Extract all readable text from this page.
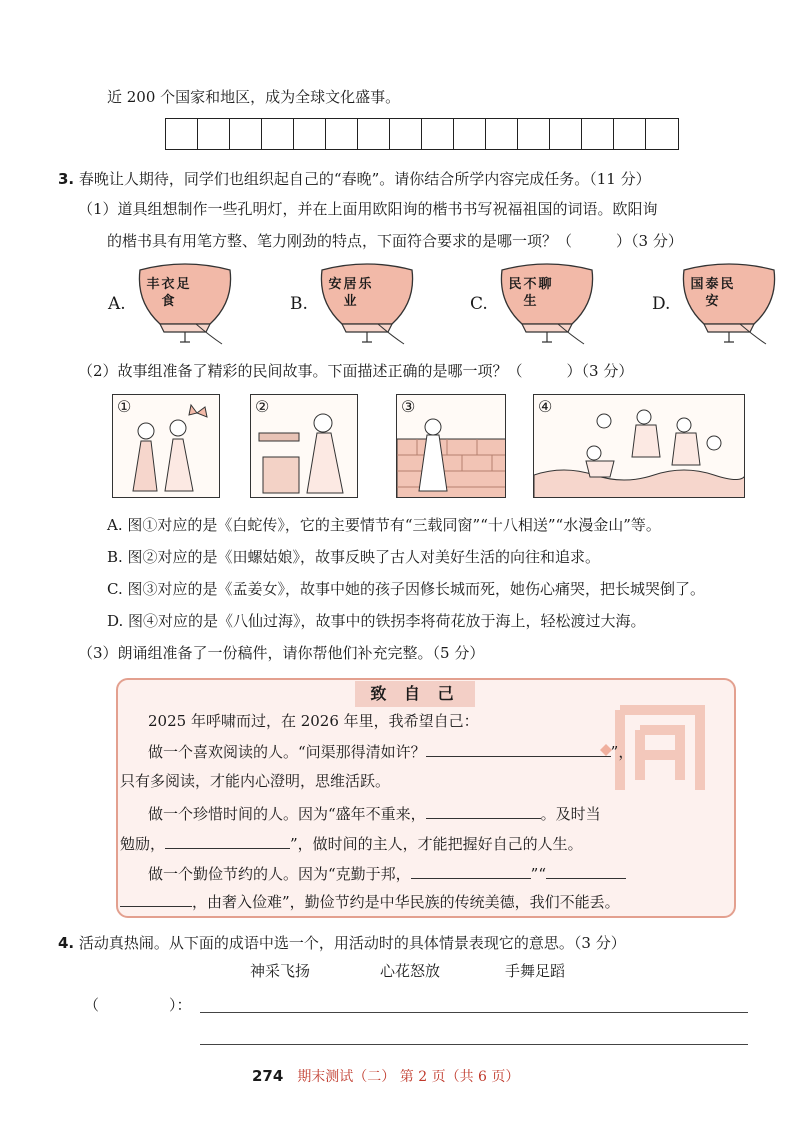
近 200 个国家和地区，成为全球文化盛事。
3. 春晚让人期待，同学们也组织起自己的“春晚”。请你结合所学内容完成任务。（11 分）
（1）道具组想制作一些孔明灯，并在上面用欧阳询的楷书书写祝福祖国的词语。欧阳询
的楷书具有用笔方整、笔力刚劲的特点，下面符合要求的是哪一项？（	）（3 分）
A.
丰衣足食	B.
安居乐业	C.
民不聊生	D.
国泰民安
（2）故事组准备了精彩的民间故事。下面描述正确的是哪一项？（	）（3 分）
①	②	③	④
A. 图①对应的是《白蛇传》，它的主要情节有“三载同窗”“十八相送”“水漫金山”等。
B. 图②对应的是《田螺姑娘》，故事反映了古人对美好生活的向往和追求。
C. 图③对应的是《孟姜女》，故事中她的孩子因修长城而死，她伤心痛哭，把长城哭倒了。
D. 图④对应的是《八仙过海》，故事中的铁拐李将荷花放于海上，轻松渡过大海。
（3）朗诵组准备了一份稿件，请你帮他们补充完整。（5 分）
致 自 己
2025 年呼啸而过，在 2026 年里，我希望自己：
做一个喜欢阅读的人。“问渠那得清如许？	”，
只有多阅读，才能内心澄明，思维活跃。
做一个珍惜时间的人。因为“盛年不重来，	。及时当
勉励，	”，做时间的主人，才能把握好自己的人生。
做一个勤俭节约的人。因为“克勤于邦，	”“
，由奢入俭难”，勤俭节约是中华民族的传统美德，我们不能丢。
4. 活动真热闹。从下面的成语中选一个，用活动时的具体情景表现它的意思。（3 分）
神采飞扬	心花怒放	手舞足蹈
（	）：
274 期末测试（二） 第 2 页（共 6 页）
